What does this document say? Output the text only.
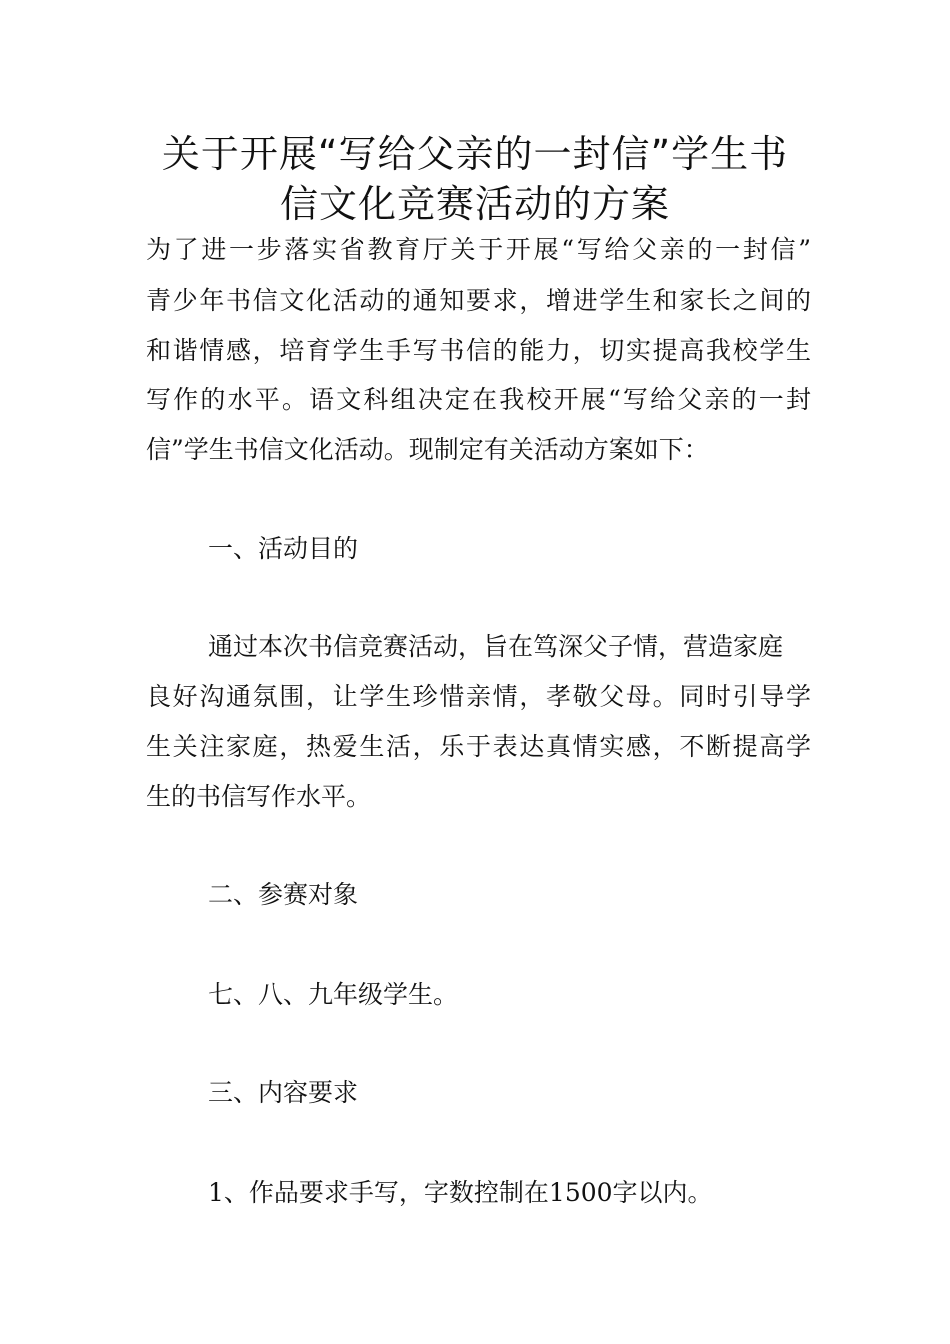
关于开展“写给父亲的一封信”学生书
信文化竞赛活动的方案
为了进一步落实省教育厅关于开展“写给父亲的一封信”
青少年书信文化活动的通知要求，增进学生和家长之间的
和谐情感，培育学生手写书信的能力，切实提高我校学生
写作的水平。语文科组决定在我校开展“写给父亲的一封
信”学生书信文化活动。现制定有关活动方案如下：
一、活动目的
通过本次书信竞赛活动，旨在笃深父子情，营造家庭
良好沟通氛围，让学生珍惜亲情，孝敬父母。同时引导学
生关注家庭，热爱生活，乐于表达真情实感，不断提高学
生的书信写作水平。
二、参赛对象
七、八、九年级学生。
三、内容要求
1、作品要求手写，字数控制在1500字以内。
